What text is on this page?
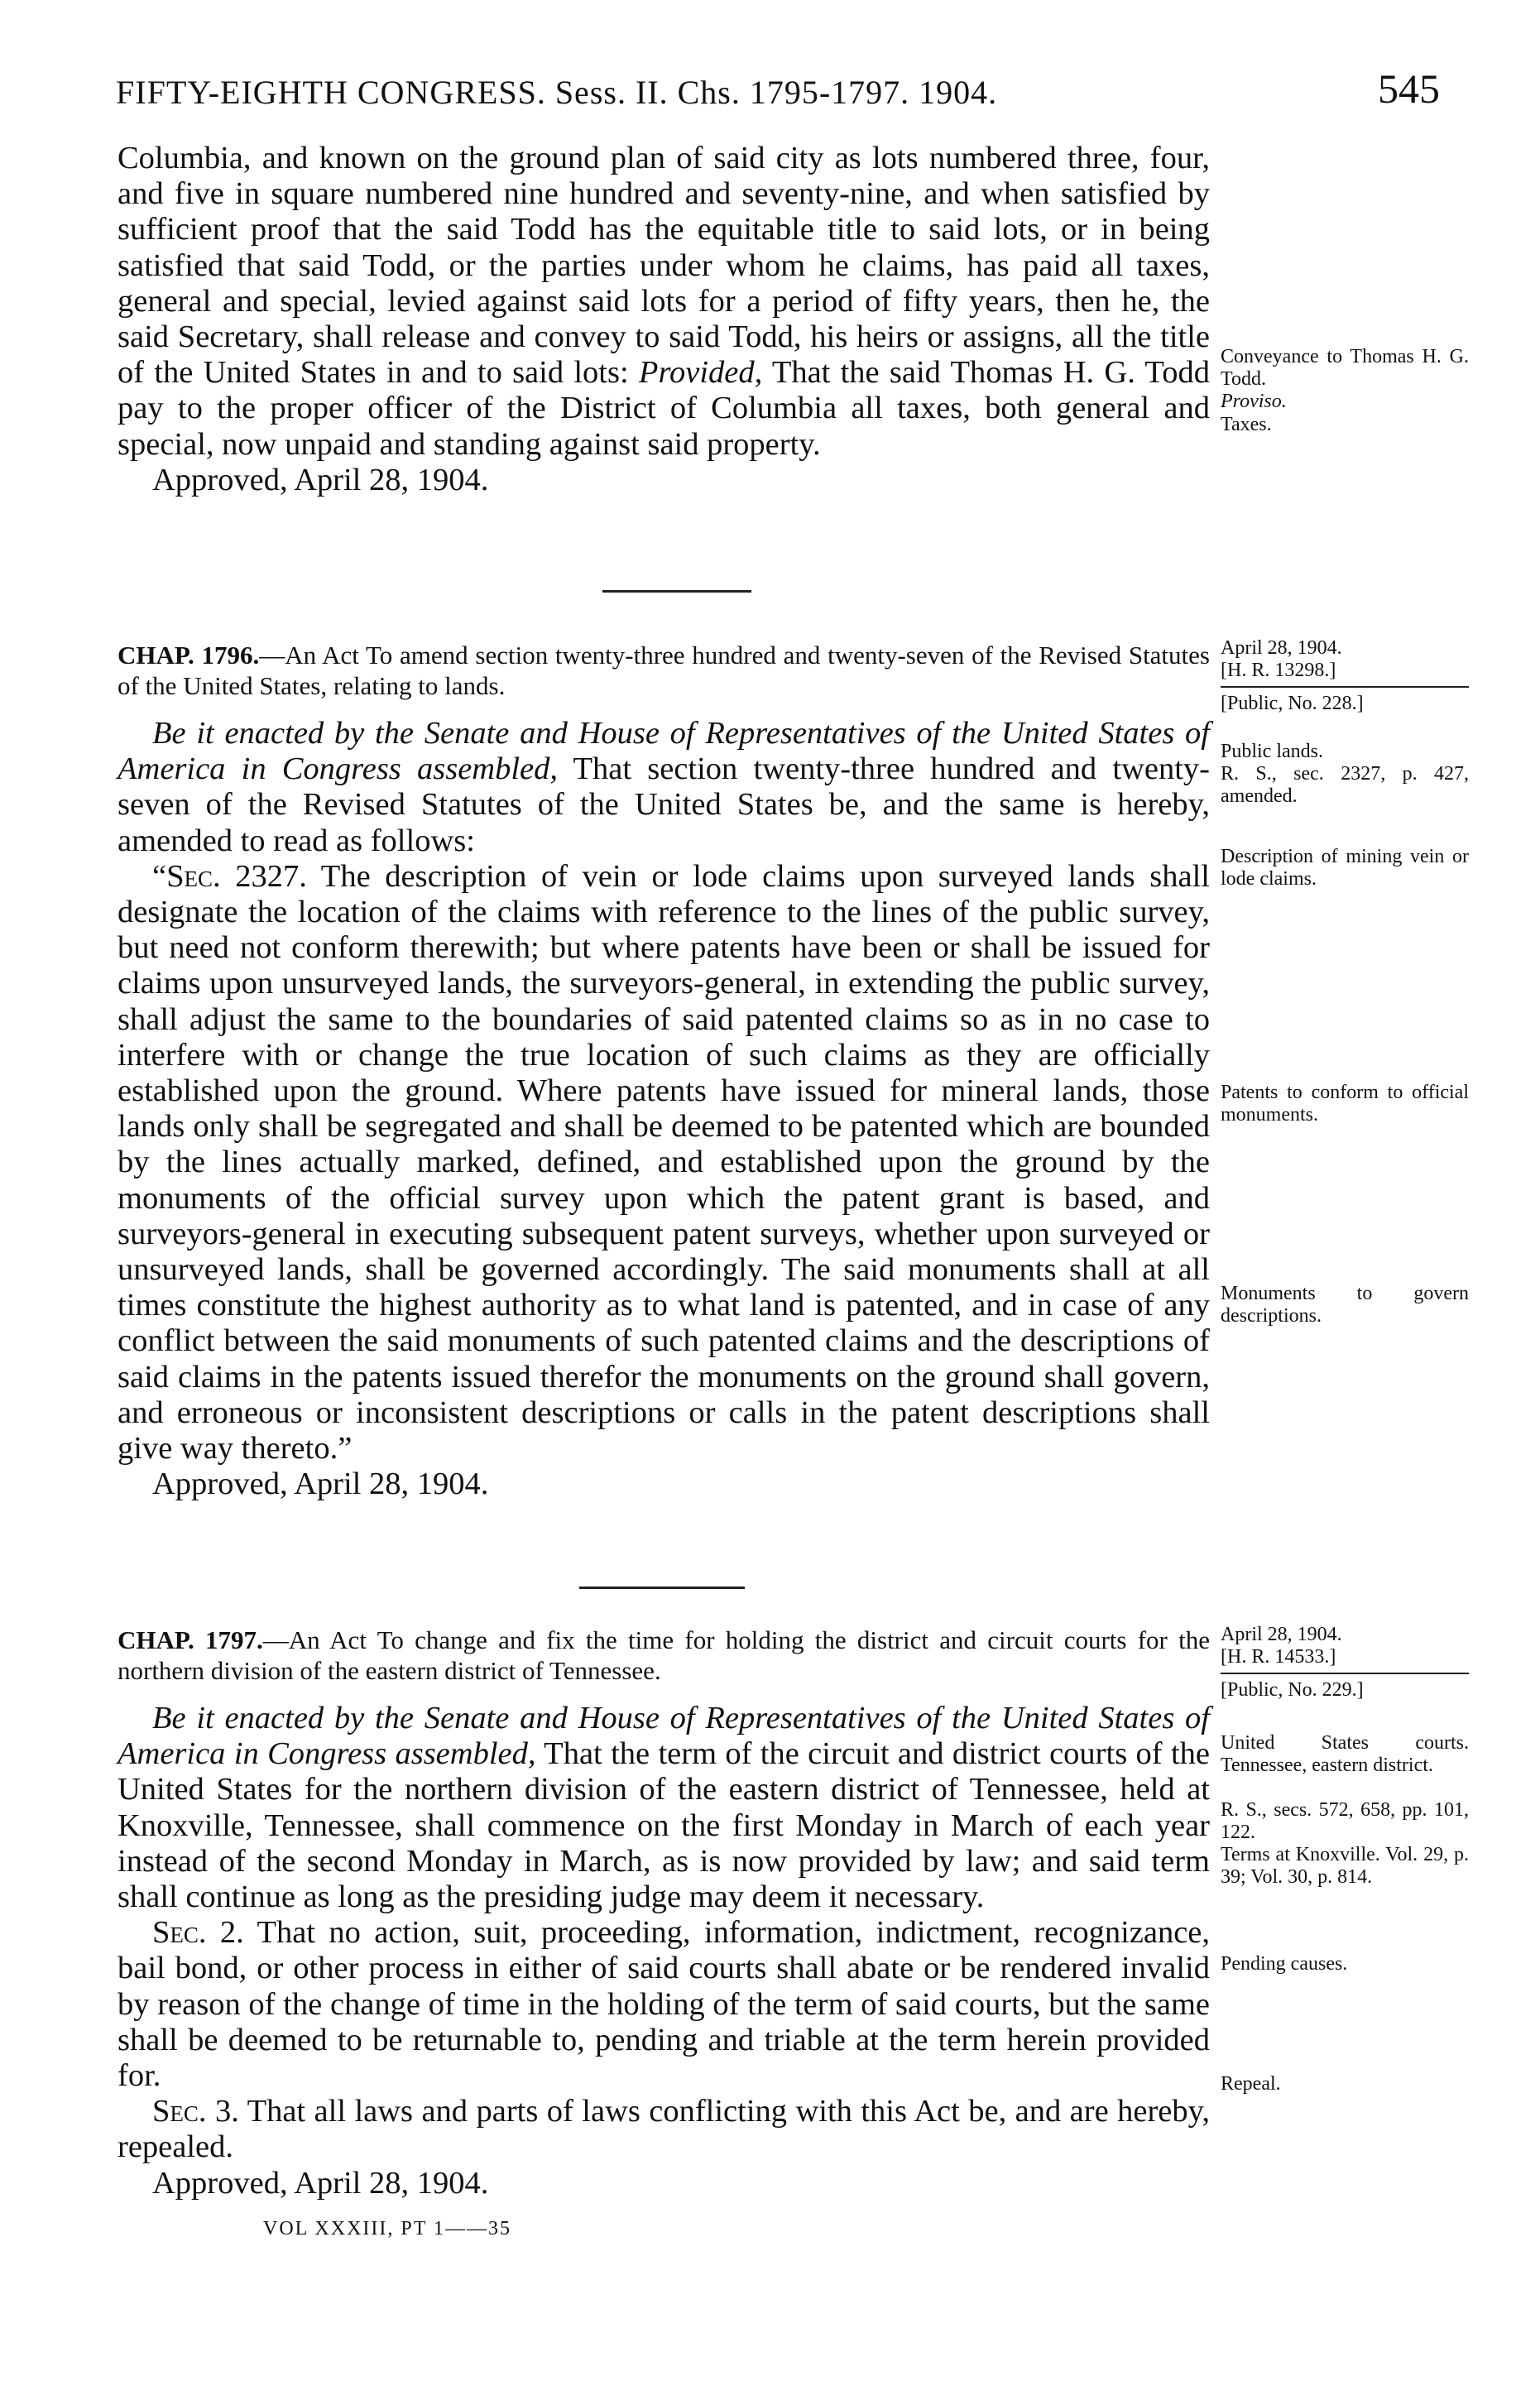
FIFTY-EIGHTH CONGRESS. Sess. II. Chs. 1795-1797. 1904.	545

Columbia, and known on the ground plan of said city as lots numbered three, four, and five in square numbered nine hundred and seventy-nine, and when satisfied by sufficient proof that the said Todd has the equitable title to said lots, or in being satisfied that said Todd, or the parties under whom he claims, has paid all taxes, general and special, levied against said lots for a period of fifty years, then he, the said Secretary, shall release and convey to said Todd, his heirs or assigns, all the title of the United States in and to said lots: Provided, That the said Thomas H. G. Todd pay to the proper officer of the District of Columbia all taxes, both general and special, now unpaid and standing against said property.

Approved, April 28, 1904.

CHAP. 1796.—An Act To amend section twenty-three hundred and twenty-seven of the Revised Statutes of the United States, relating to lands.

Be it enacted by the Senate and House of Representatives of the United States of America in Congress assembled, That section twenty-three hundred and twenty-seven of the Revised Statutes of the United States be, and the same is hereby, amended to read as follows:

“Sec. 2327. The description of vein or lode claims upon surveyed lands shall designate the location of the claims with reference to the lines of the public survey, but need not conform therewith; but where patents have been or shall be issued for claims upon unsurveyed lands, the surveyors-general, in extending the public survey, shall adjust the same to the boundaries of said patented claims so as in no case to interfere with or change the true location of such claims as they are officially established upon the ground. Where patents have issued for mineral lands, those lands only shall be segregated and shall be deemed to be patented which are bounded by the lines actually marked, defined, and established upon the ground by the monuments of the official survey upon which the patent grant is based, and surveyors-general in executing subsequent patent surveys, whether upon surveyed or unsurveyed lands, shall be governed accordingly. The said monuments shall at all times constitute the highest authority as to what land is patented, and in case of any conflict between the said monuments of such patented claims and the descriptions of said claims in the patents issued therefor the monuments on the ground shall govern, and erroneous or inconsistent descriptions or calls in the patent descriptions shall give way thereto.”

Approved, April 28, 1904.

CHAP. 1797.—An Act To change and fix the time for holding the district and circuit courts for the northern division of the eastern district of Tennessee.

Be it enacted by the Senate and House of Representatives of the United States of America in Congress assembled, That the term of the circuit and district courts of the United States for the northern division of the eastern district of Tennessee, held at Knoxville, Tennessee, shall commence on the first Monday in March of each year instead of the second Monday in March, as is now provided by law; and said term shall continue as long as the presiding judge may deem it necessary.

Sec. 2. That no action, suit, proceeding, information, indictment, recognizance, bail bond, or other process in either of said courts shall abate or be rendered invalid by reason of the change of time in the holding of the term of said courts, but the same shall be deemed to be returnable to, pending and triable at the term herein provided for.

Sec. 3. That all laws and parts of laws conflicting with this Act be, and are hereby, repealed.

Approved, April 28, 1904.

Conveyance to Thomas H. G. Todd.
Proviso.
Taxes.
April 28, 1904.
[H. R. 13298.]
[Public, No. 228.]
Public lands.
R. S., sec. 2327, p. 427, amended.
Description of mining vein or lode claims.
Patents to conform to official monuments.
Monuments to govern descriptions.
April 28, 1904.
[H. R. 14533.]
[Public, No. 229.]
United States courts. Tennessee, eastern district.
R. S., secs. 572, 658, pp. 101, 122.
Terms at Knoxville. Vol. 29, p. 39; Vol. 30, p. 814.
Pending causes.
Repeal.
VOL XXXIII, PT 1——35
